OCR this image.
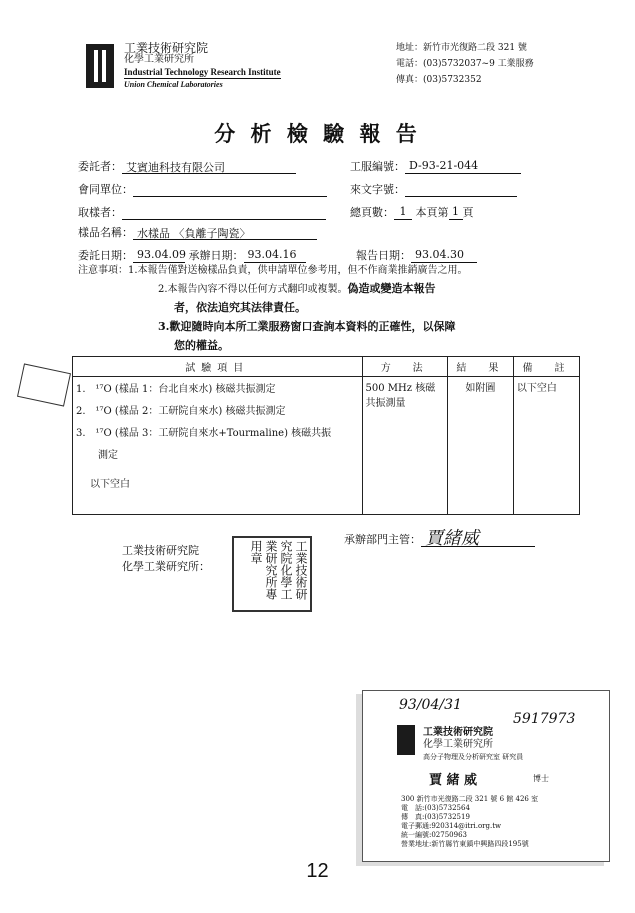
工業技術研究院
化學工業研究所
Industrial Technology Research Institute
Union Chemical Laboratories
地址：新竹市光復路二段 321 號
電話：(03)5732037~9 工業服務
傳真：(03)5732352
分 析 檢 驗 報 告
委託者： 艾賓迪科技有限公司
會同單位：
取樣者：
樣品名稱： 水樣品 〈負離子陶瓷〉
委託日期： 93.04.09 承辦日期： 93.04.16
工服編號： D-93-21-044
來文字號：
總頁數： 1 本頁第 1 頁
報告日期： 93.04.30
注意事項：1.本報告僅對送檢樣品負責，供申請單位參考用，但不作商業推銷廣告之用。
2.本報告內容不得以任何方式翻印或複製。偽造或變造本報告
者，依法追究其法律責任。
3.歡迎隨時向本所工業服務窗口查詢本資料的正確性，以保障
您的權益。
試驗項目	方　法	結　果	備　註

1.　¹⁷O (樣品 1：台北自來水) 核磁共振測定
2.　¹⁷O (樣品 2：工研院自來水) 核磁共振測定
3.　¹⁷O (樣品 3：工研院自來水+Tourmaline) 核磁共振
測定
以下空白	500 MHz 核磁共振測量	如附圖	以下空白
承辦部門主管： 賈緒威
工業技術研究院
化學工業研究所：	工業技術研究院化學工業研究所專用章
93/04/31
5917973
工業技術研究院
化學工業研究所
高分子物理及分析研究室 研究員
賈 緒 威	博士
300 新竹市光復路二段 321 號 6 館 426 室
電　話:(03)5732564
傳　真:(03)5732519
電子郵通:920314@itri.org.tw
統一編號:02750963
營業地址:新竹縣竹東鎮中興路四段195號
12
